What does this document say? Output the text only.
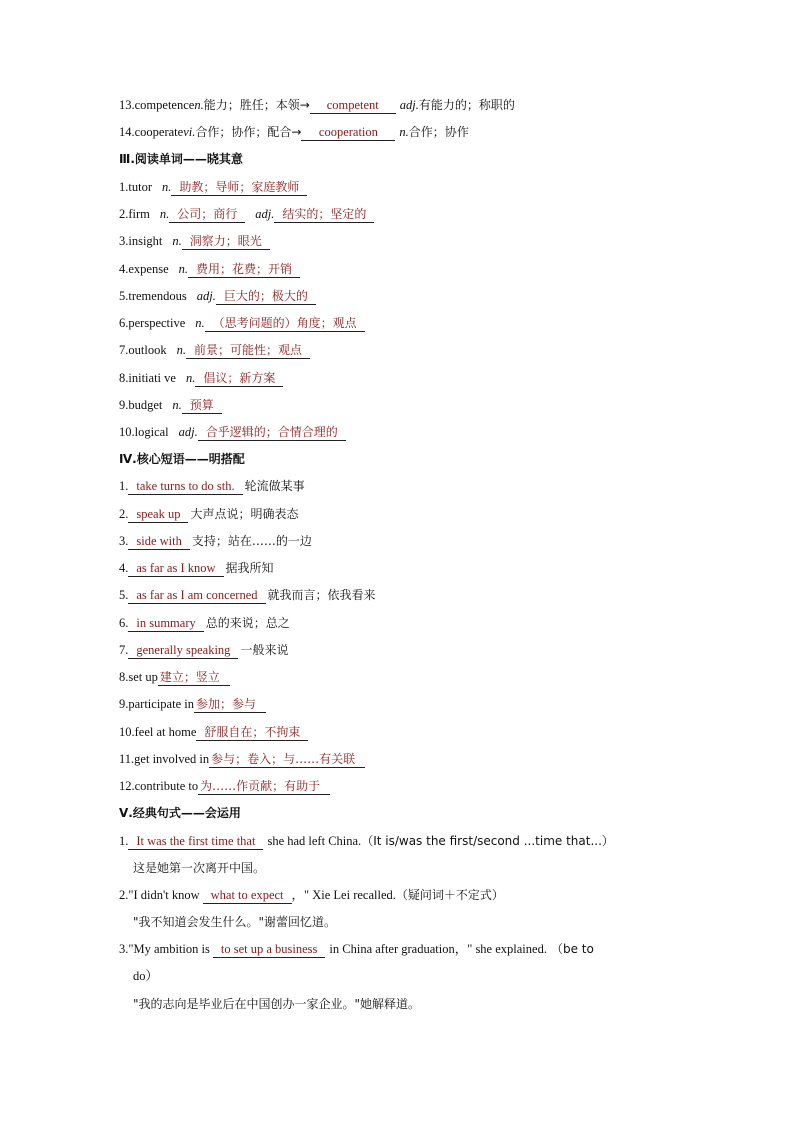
13.competencen.能力；胜任；本领→ competent adj.有能力的；称职的
14.cooperatevi.合作；协作；配合→ cooperation n.合作；协作
Ⅲ.阅读单词——晓其意
1.tutor n. 助教；导师；家庭教师
2.firm n. 公司；商行 adj. 结实的；坚定的
3.insight n. 洞察力；眼光
4.expense n. 费用；花费；开销
5.tremendous adj. 巨大的；极大的
6.perspective n. （思考问题的）角度；观点
7.outlook n. 前景；可能性；观点
8.initiati ve n. 倡议；新方案
9.budget n. 预算
10.logical adj. 合乎逻辑的；合情合理的
Ⅳ.核心短语——明搭配
1. take turns to do sth. 轮流做某事
2. speak up 大声点说；明确表态
3. side with 支持；站在……的一边
4. as far as I know 据我所知
5. as far as I am concerned 就我而言；依我看来
6. in summary 总的来说；总之
7. generally speaking 一般来说
8.set up 建立；竖立
9.participate in 参加；参与
10.feel at home 舒服自在；不拘束
11.get involved in 参与；卷入；与……有关联
12.contribute to 为……作贡献；有助于
Ⅴ.经典句式——会运用
1. It was the first time that she had left China.（It is/was the first/second ...time that...）
这是她第一次离开中国。
2."I didn't know what to expect ，" Xie Lei recalled.（疑问词＋不定式）
"我不知道会发生什么。"谢蕾回忆道。
3."My ambition is to set up a business in China after graduation，" she explained. （be to
do）
"我的志向是毕业后在中国创办一家企业。"她解释道。
